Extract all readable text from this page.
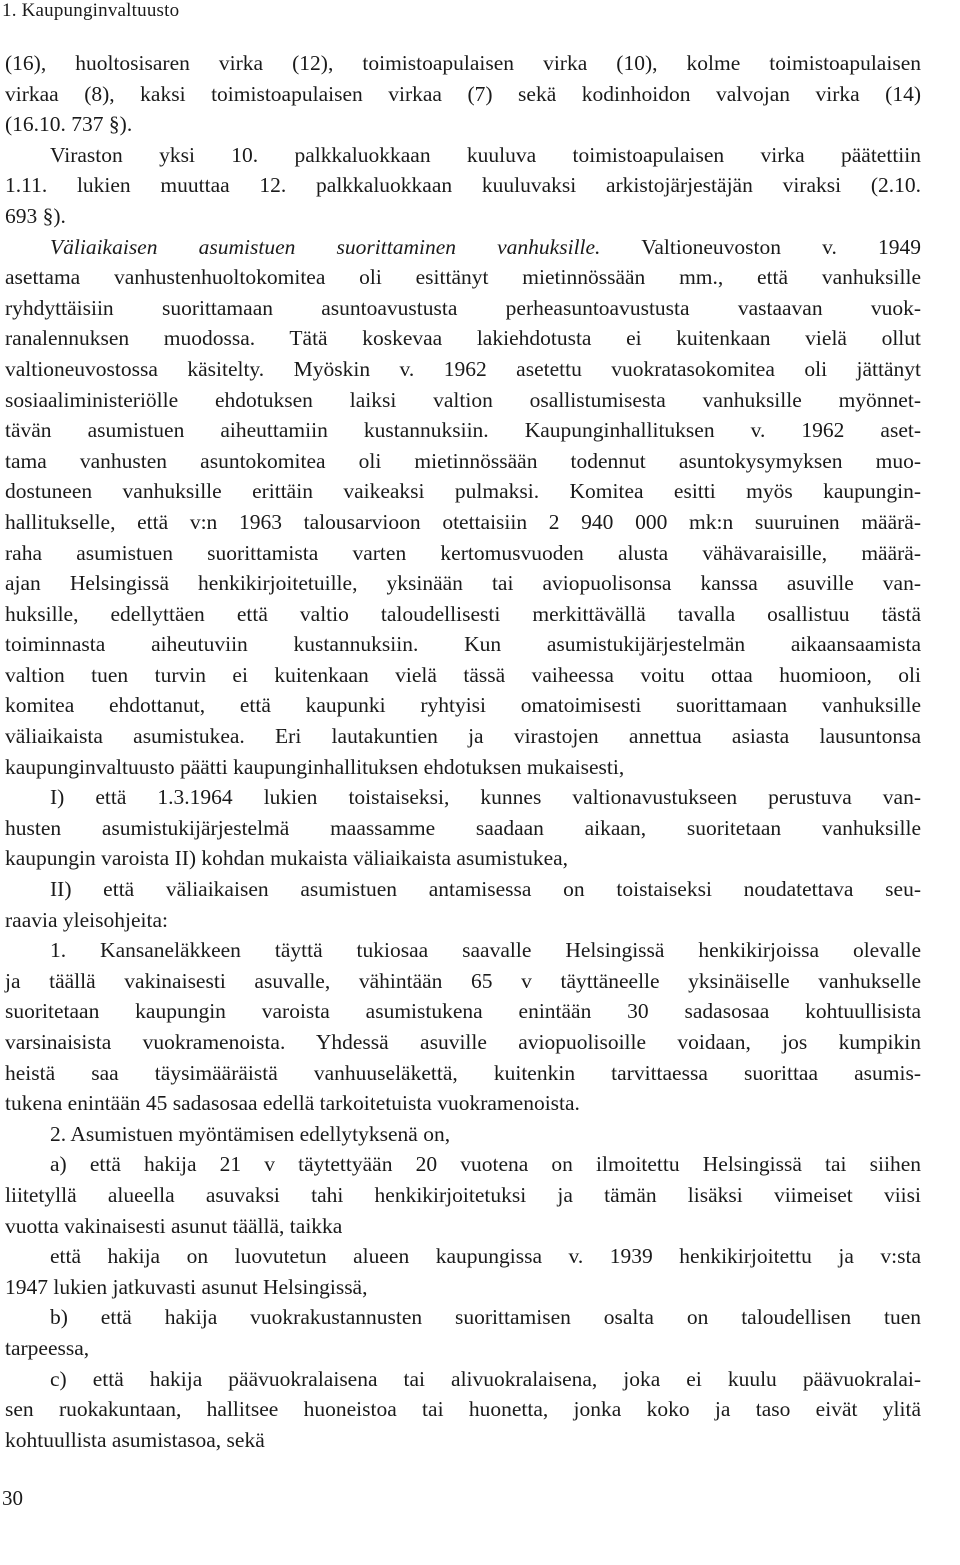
1. Kaupunginvaltuusto
(16), huoltosisaren virka (12), toimistoapulaisen virka (10), kolme toimistoapulaisen
virkaa (8), kaksi toimistoapulaisen virkaa (7) sekä kodinhoidon valvojan virka (14)
(16.10. 737 §).
Viraston yksi 10. palkkaluokkaan kuuluva toimistoapulaisen virka päätettiin
1.11. lukien muuttaa 12. palkkaluokkaan kuuluvaksi arkistojärjestäjän viraksi (2.10.
693 §).
Väliaikaisen asumistuen suorittaminen vanhuksille. Valtioneuvoston v. 1949
asettama vanhustenhuoltokomitea oli esittänyt mietinnössään mm., että vanhuksille
ryhdyttäisiin suorittamaan asuntoavustusta perheasuntoavustusta vastaavan vuok-
ranalennuksen muodossa. Tätä koskevaa lakiehdotusta ei kuitenkaan vielä ollut
valtioneuvostossa käsitelty. Myöskin v. 1962 asetettu vuokratasokomitea oli jättänyt
sosiaaliministeriölle ehdotuksen laiksi valtion osallistumisesta vanhuksille myönnet-
tävän asumistuen aiheuttamiin kustannuksiin. Kaupunginhallituksen v. 1962 aset-
tama vanhusten asuntokomitea oli mietinnössään todennut asuntokysymyksen muo-
dostuneen vanhuksille erittäin vaikeaksi pulmaksi. Komitea esitti myös kaupungin-
hallitukselle, että v:n 1963 talousarvioon otettaisiin 2 940 000 mk:n suuruinen määrä-
raha asumistuen suorittamista varten kertomusvuoden alusta vähävaraisille, määrä-
ajan Helsingissä henkikirjoitetuille, yksinään tai aviopuolisonsa kanssa asuville van-
huksille, edellyttäen että valtio taloudellisesti merkittävällä tavalla osallistuu tästä
toiminnasta aiheutuviin kustannuksiin. Kun asumistukijärjestelmän aikaansaamista
valtion tuen turvin ei kuitenkaan vielä tässä vaiheessa voitu ottaa huomioon, oli
komitea ehdottanut, että kaupunki ryhtyisi omatoimisesti suorittamaan vanhuksille
väliaikaista asumistukea. Eri lautakuntien ja virastojen annettua asiasta lausuntonsa
kaupunginvaltuusto päätti kaupunginhallituksen ehdotuksen mukaisesti,
I) että 1.3.1964 lukien toistaiseksi, kunnes valtionavustukseen perustuva van-
husten asumistukijärjestelmä maassamme saadaan aikaan, suoritetaan vanhuksille
kaupungin varoista II) kohdan mukaista väliaikaista asumistukea,
II) että väliaikaisen asumistuen antamisessa on toistaiseksi noudatettava seu-
raavia yleisohjeita:
1. Kansaneläkkeen täyttä tukiosaa saavalle Helsingissä henkikirjoissa olevalle
ja täällä vakinaisesti asuvalle, vähintään 65 v täyttäneelle yksinäiselle vanhukselle
suoritetaan kaupungin varoista asumistukena enintään 30 sadasosaa kohtuullisista
varsinaisista vuokramenoista. Yhdessä asuville aviopuolisoille voidaan, jos kumpikin
heistä saa täysimääräistä vanhuuseläkettä, kuitenkin tarvittaessa suorittaa asumis-
tukena enintään 45 sadasosaa edellä tarkoitetuista vuokramenoista.
2. Asumistuen myöntämisen edellytyksenä on,
a) että hakija 21 v täytettyään 20 vuotena on ilmoitettu Helsingissä tai siihen
liitetyllä alueella asuvaksi tahi henkikirjoitetuksi ja tämän lisäksi viimeiset viisi
vuotta vakinaisesti asunut täällä, taikka
että hakija on luovutetun alueen kaupungissa v. 1939 henkikirjoitettu ja v:sta
1947 lukien jatkuvasti asunut Helsingissä,
b) että hakija vuokrakustannusten suorittamisen osalta on taloudellisen tuen
tarpeessa,
c) että hakija päävuokralaisena tai alivuokralaisena, joka ei kuulu päävuokralai-
sen ruokakuntaan, hallitsee huoneistoa tai huonetta, jonka koko ja taso eivät ylitä
kohtuullista asumistasoa, sekä
30
